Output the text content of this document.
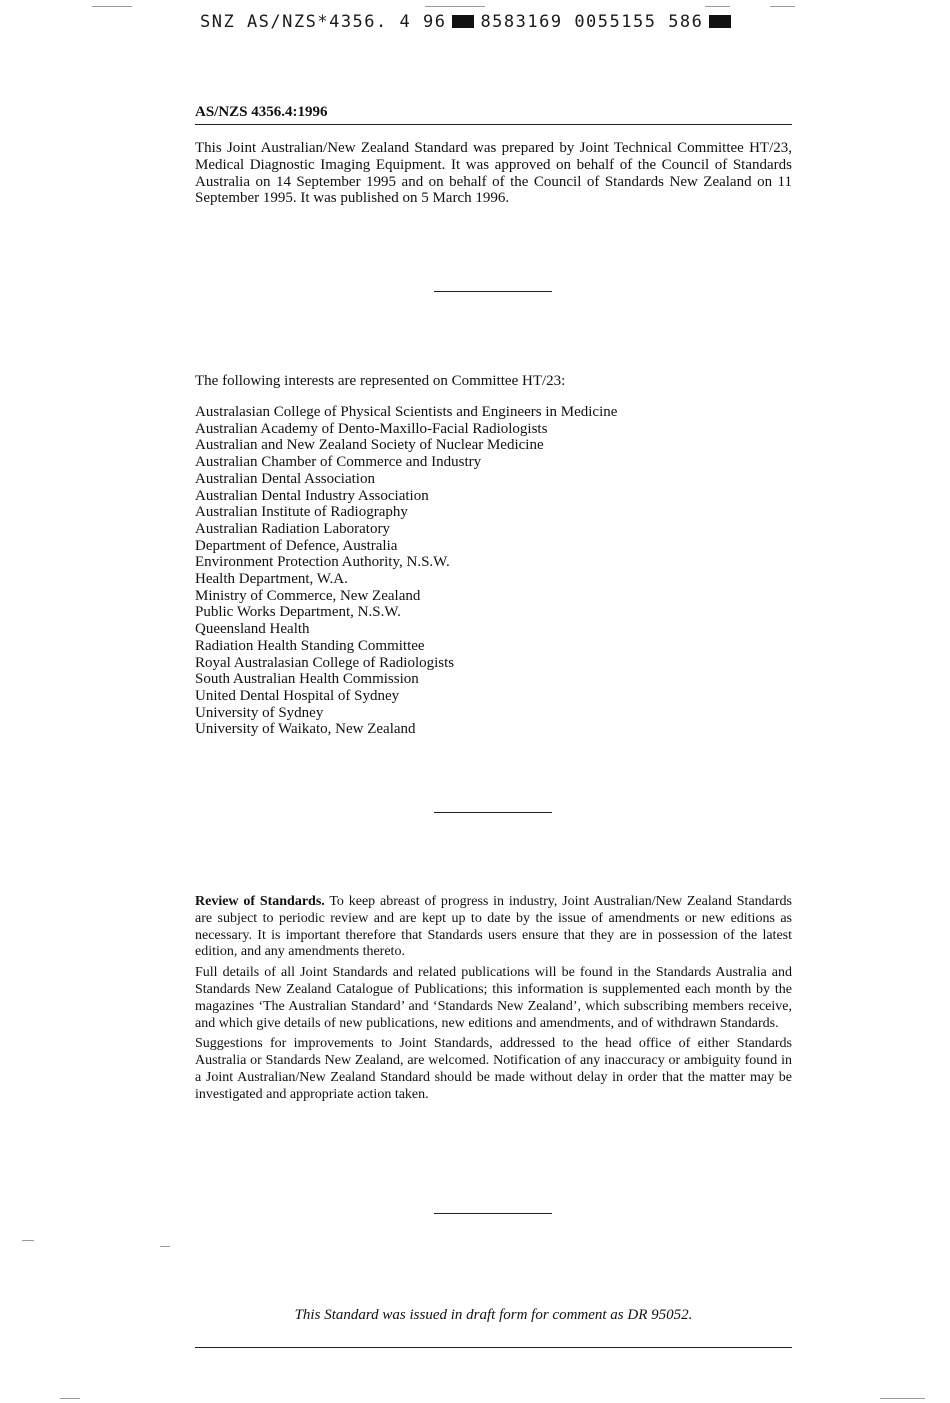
SNZ AS/NZS*4356. 4 96 8583169 0055155 586
AS/NZS 4356.4:1996

This Joint Australian/New Zealand Standard was prepared by Joint Technical Committee HT/23, Medical Diagnostic Imaging Equipment. It was approved on behalf of the Council of Standards Australia on 14 September 1995 and on behalf of the Council of Standards New Zealand on 11 September 1995. It was published on 5 March 1996.

The following interests are represented on Committee HT/23:

Australasian College of Physical Scientists and Engineers in Medicine
Australian Academy of Dento-Maxillo-Facial Radiologists
Australian and New Zealand Society of Nuclear Medicine
Australian Chamber of Commerce and Industry
Australian Dental Association
Australian Dental Industry Association
Australian Institute of Radiography
Australian Radiation Laboratory
Department of Defence, Australia
Environment Protection Authority, N.S.W.
Health Department, W.A.
Ministry of Commerce, New Zealand
Public Works Department, N.S.W.
Queensland Health
Radiation Health Standing Committee
Royal Australasian College of Radiologists
South Australian Health Commission
United Dental Hospital of Sydney
University of Sydney
University of Waikato, New Zealand

Review of Standards. To keep abreast of progress in industry, Joint Australian/New Zealand Standards are subject to periodic review and are kept up to date by the issue of amendments or new editions as necessary. It is important therefore that Standards users ensure that they are in possession of the latest edition, and any amendments thereto.

Full details of all Joint Standards and related publications will be found in the Standards Australia and Standards New Zealand Catalogue of Publications; this information is supplemented each month by the magazines ‘The Australian Standard’ and ‘Standards New Zealand’, which subscribing members receive, and which give details of new publications, new editions and amendments, and of withdrawn Standards.

Suggestions for improvements to Joint Standards, addressed to the head office of either Standards Australia or Standards New Zealand, are welcomed. Notification of any inaccuracy or ambiguity found in a Joint Australian/New Zealand Standard should be made without delay in order that the matter may be investigated and appropriate action taken.

This Standard was issued in draft form for comment as DR 95052.
